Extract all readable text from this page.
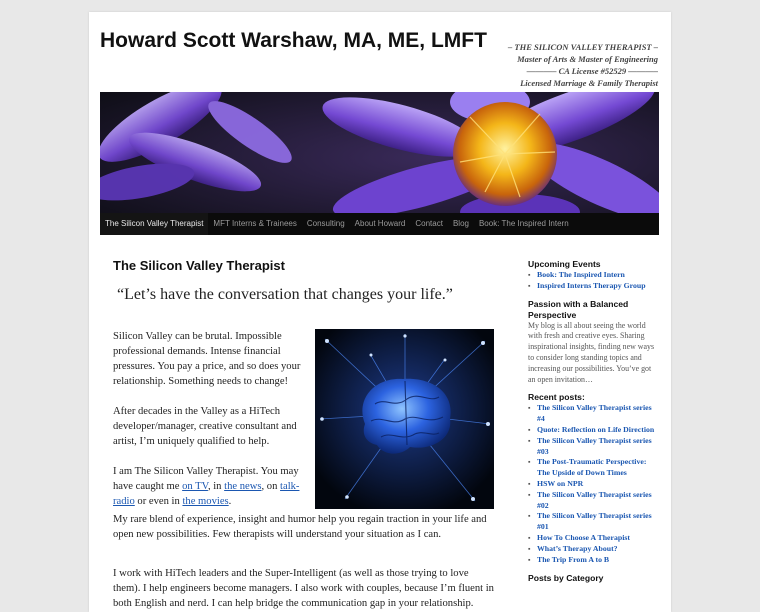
Howard Scott Warshaw, MA, ME, LMFT – THE SILICON VALLEY THERAPIST –
Master of Arts & Master of Engineering
———– CA License #52529 ———–
Licensed Marriage & Family Therapist
The Silicon Valley Therapist	MFT Interns & Trainees	Consulting	About Howard	Contact	Blog	Book: The Inspired Intern
The Silicon Valley Therapist

“Let’s have the conversation that changes your life.”

Silicon Valley can be brutal. Impossible professional demands. Intense financial pressures. You pay a price, and so does your relationship. Something needs to change!

After decades in the Valley as a HiTech developer/manager, creative consultant and artist, I’m uniquely qualified to help.

I am The Silicon Valley Therapist. You may have caught me on TV, in the news, on talk-radio or even in the movies.

My rare blend of experience, insight and humor help you regain traction in your life and open new possibilities. Few therapists will understand your situation as I can.

I work with HiTech leaders and the Super-Intelligent (as well as those trying to love them). I help engineers become managers. I also work with couples, because I’m fluent in both English and nerd. I can help bridge the communication gap in your relationship.

Upcoming Events
▪ Book: The Inspired Intern
▪ Inspired Interns Therapy Group
Passion with a Balanced Perspective
My blog is all about seeing the world with fresh and creative eyes. Sharing inspirational insights, finding new ways to consider long standing topics and increasing our possibilities. You’ve got an open invitation…
Recent posts:
▪ The Silicon Valley Therapist series #4
▪ Quote: Reflection on Life Direction
▪ The Silicon Valley Therapist series #03
▪ The Post-Traumatic Perspective: The Upside of Down Times
▪ HSW on NPR
▪ The Silicon Valley Therapist series #02
▪ The Silicon Valley Therapist series #01
▪ How To Choose A Therapist
▪ What’s Therapy About?
▪ The Trip From A to B
Posts by Category
